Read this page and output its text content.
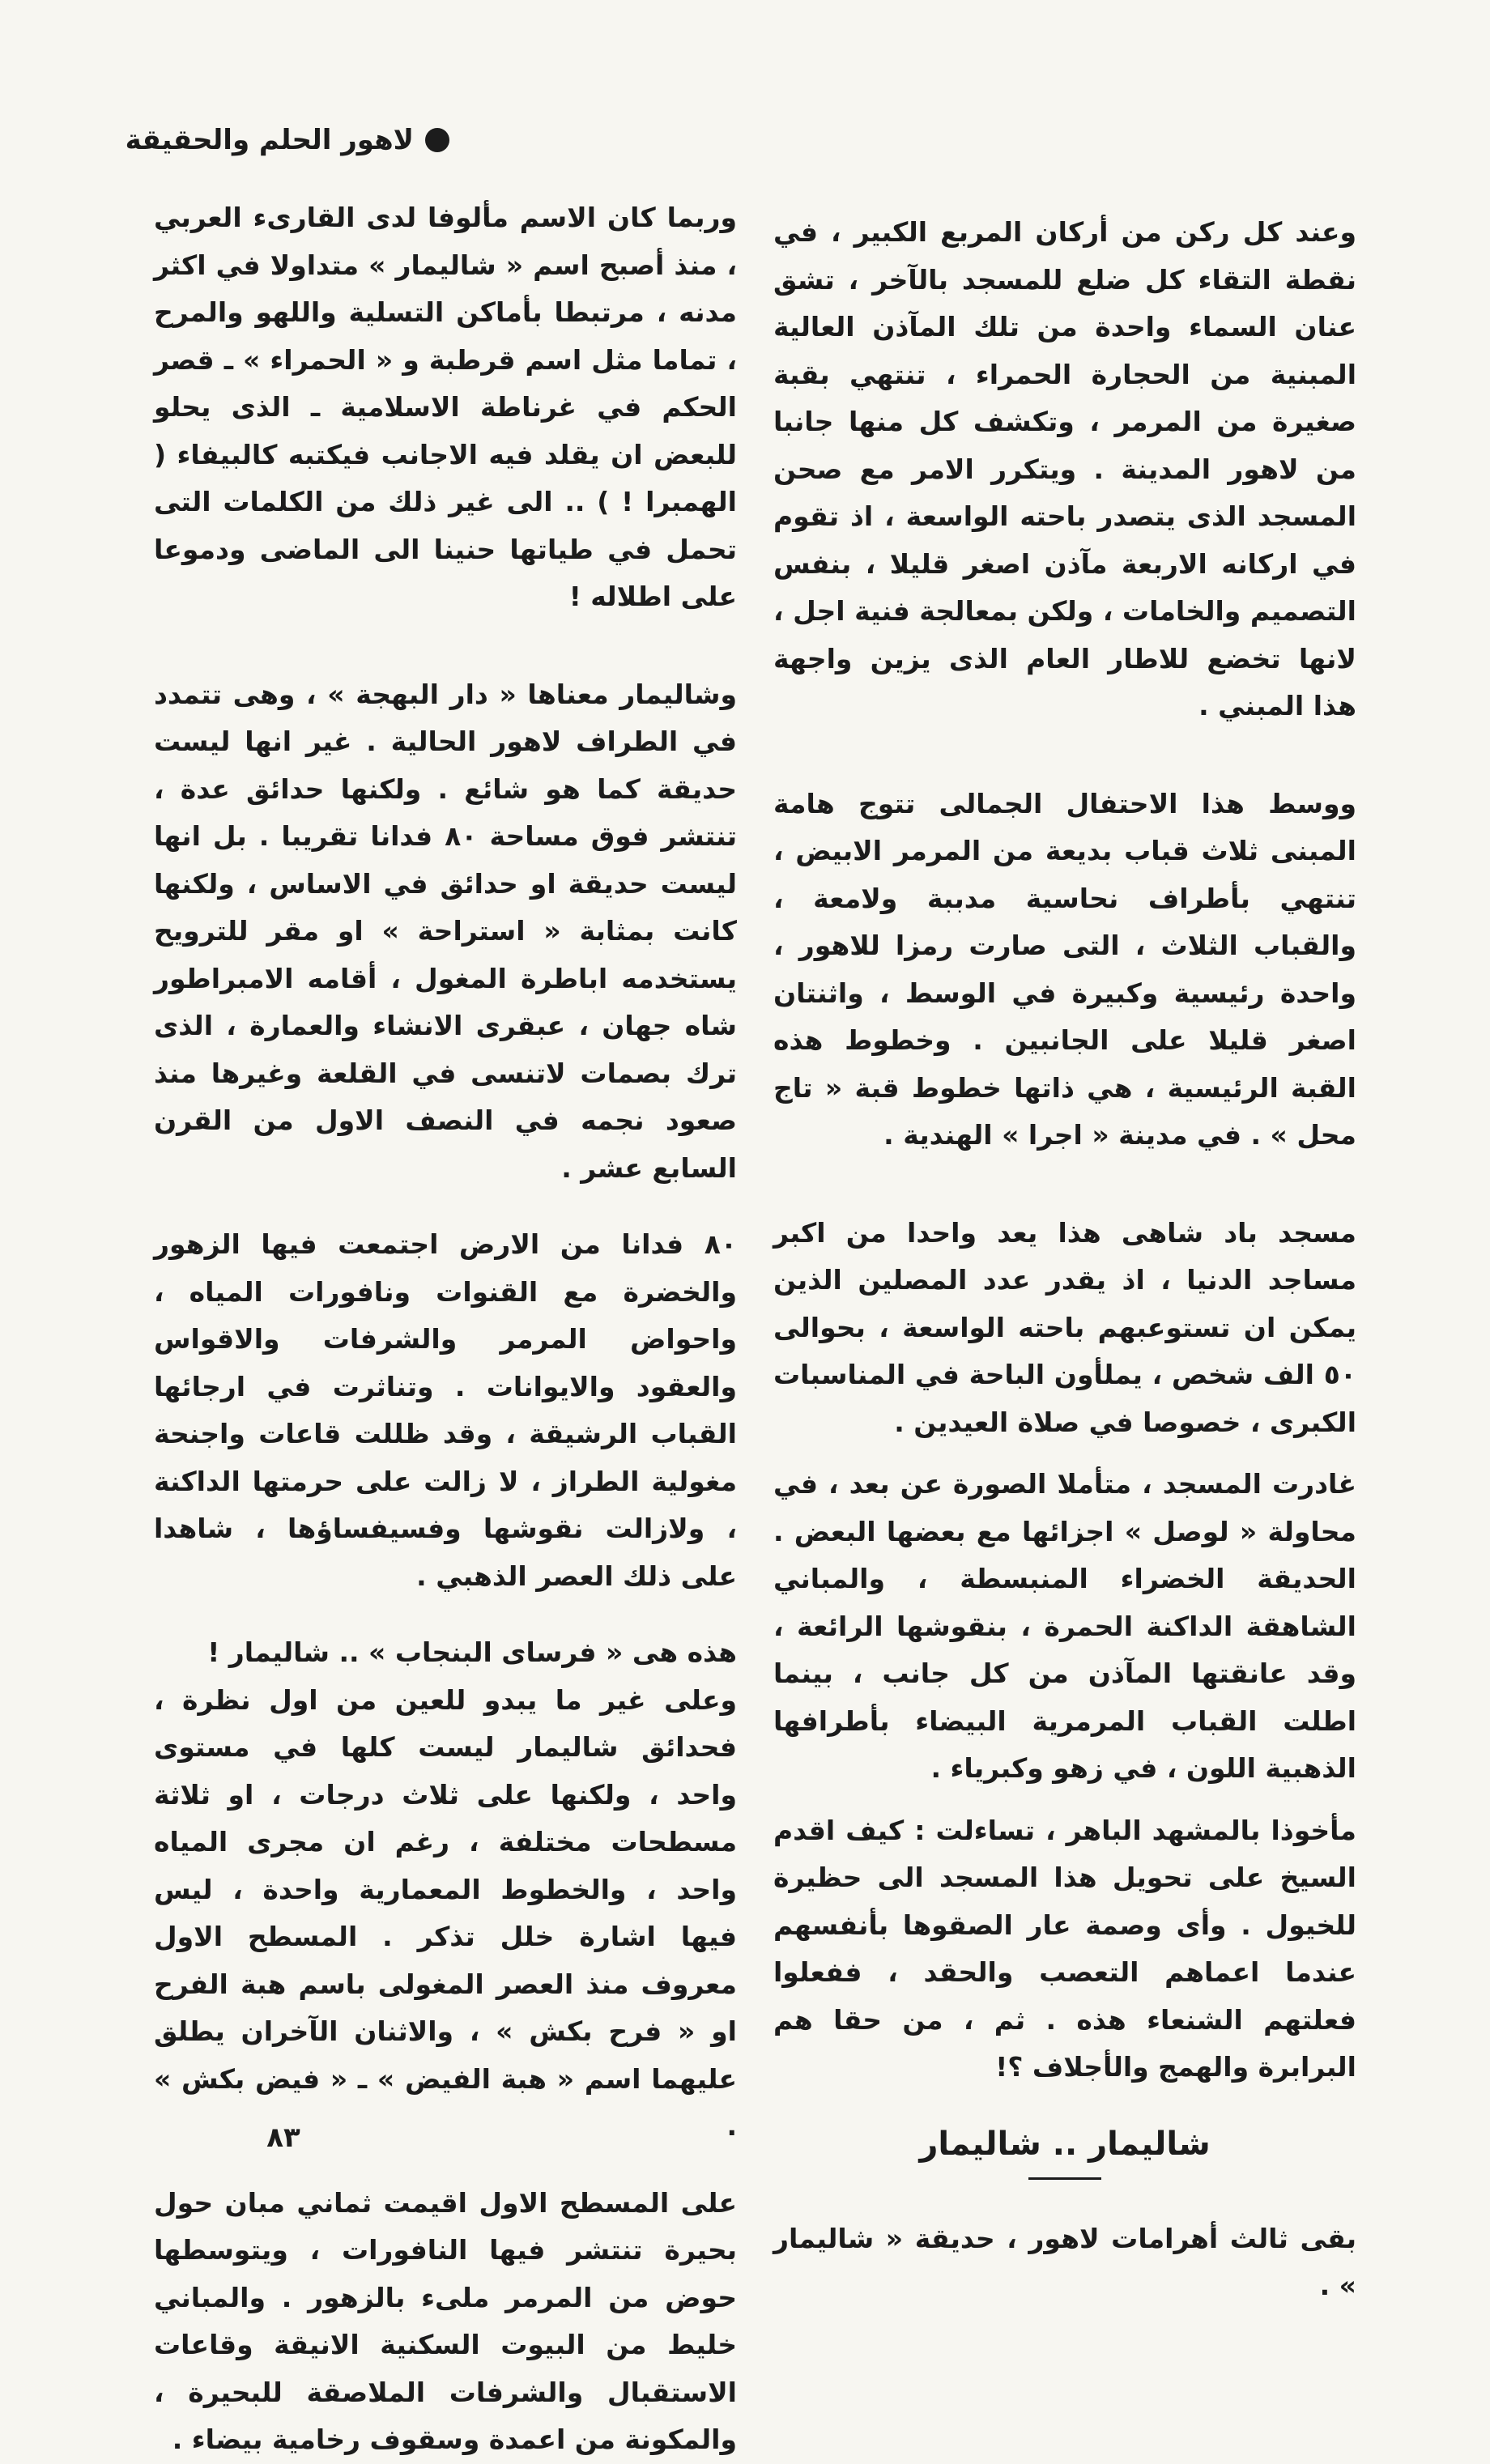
لاهور الحلم والحقيقة

وعند كل ركن من أركان المربع الكبير ، في نقطة التقاء كل ضلع للمسجد بالآخر ، تشق عنان السماء واحدة من تلك المآذن العالية المبنية من الحجارة الحمراء ، تنتهي بقبة صغيرة من المرمر ، وتكشف كل منها جانبا من لاهور المدينة . ويتكرر الامر مع صحن المسجد الذى يتصدر باحته الواسعة ، اذ تقوم في اركانه الاربعة مآذن اصغر قليلا ، بنفس التصميم والخامات ، ولكن بمعالجة فنية اجل ، لانها تخضع للاطار العام الذى يزين واجهة هذا المبني .

ووسط هذا الاحتفال الجمالى تتوج هامة المبنى ثلاث قباب بديعة من المرمر الابيض ، تنتهي بأطراف نحاسية مدببة ولامعة ، والقباب الثلاث ، التى صارت رمزا للاهور ، واحدة رئيسية وكبيرة في الوسط ، واثنتان اصغر قليلا على الجانبين . وخطوط هذه القبة الرئيسية ، هي ذاتها خطوط قبة « تاج محل » . في مدينة « اجرا » الهندية .

مسجد باد شاهى هذا يعد واحدا من اكبر مساجد الدنيا ، اذ يقدر عدد المصلين الذين يمكن ان تستوعبهم باحته الواسعة ، بحوالى ٥٠ الف شخص ، يملأون الباحة في المناسبات الكبرى ، خصوصا في صلاة العيدين .

غادرت المسجد ، متأملا الصورة عن بعد ، في محاولة « لوصل » اجزائها مع بعضها البعض . الحديقة الخضراء المنبسطة ، والمباني الشاهقة الداكنة الحمرة ، بنقوشها الرائعة ، وقد عانقتها المآذن من كل جانب ، بينما اطلت القباب المرمرية البيضاء بأطرافها الذهبية اللون ، في زهو وكبرياء .

مأخوذا بالمشهد الباهر ، تساءلت : كيف اقدم السيخ على تحويل هذا المسجد الى حظيرة للخيول . وأى وصمة عار الصقوها بأنفسهم عندما اعماهم التعصب والحقد ، ففعلوا فعلتهم الشنعاء هذه . ثم ، من حقا هم البرابرة والهمج والأجلاف ؟!

شاليمار .. شاليمار

بقى ثالث أهرامات لاهور ، حديقة « شاليمار » .

وربما كان الاسم مألوفا لدى القارىء العربي ، منذ أصبح اسم « شاليمار » متداولا في اكثر مدنه ، مرتبطا بأماكن التسلية واللهو والمرح ، تماما مثل اسم قرطبة و « الحمراء » ـ قصر الحكم في غرناطة الاسلامية ـ الذى يحلو للبعض ان يقلد فيه الاجانب فيكتبه كالبيفاء ( الهمبرا ! ) .. الى غير ذلك من الكلمات التى تحمل في طياتها حنينا الى الماضى ودموعا على اطلاله !

وشاليمار معناها « دار البهجة » ، وهى تتمدد في الطراف لاهور الحالية . غير انها ليست حديقة كما هو شائع . ولكنها حدائق عدة ، تنتشر فوق مساحة ٨٠ فدانا تقريبا . بل انها ليست حديقة او حدائق في الاساس ، ولكنها كانت بمثابة « استراحة » او مقر للترويح يستخدمه اباطرة المغول ، أقامه الامبراطور شاه جهان ، عبقرى الانشاء والعمارة ، الذى ترك بصمات لاتنسى في القلعة وغيرها منذ صعود نجمه في النصف الاول من القرن السابع عشر .

٨٠ فدانا من الارض اجتمعت فيها الزهور والخضرة مع القنوات ونافورات المياه ، واحواض المرمر والشرفات والاقواس والعقود والايوانات . وتناثرت في ارجائها القباب الرشيقة ، وقد ظللت قاعات واجنحة مغولية الطراز ، لا زالت على حرمتها الداكنة ، ولازالت نقوشها وفسيفساؤها ، شاهدا على ذلك العصر الذهبي .

هذه هى « فرساى البنجاب » .. شاليمار !

وعلى غير ما يبدو للعين من اول نظرة ، فحدائق شاليمار ليست كلها في مستوى واحد ، ولكنها على ثلاث درجات ، او ثلاثة مسطحات مختلفة ، رغم ان مجرى المياه واحد ، والخطوط المعمارية واحدة ، ليس فيها اشارة خلل تذكر . المسطح الاول معروف منذ العصر المغولى باسم هبة الفرح او « فرح بكش » ، والاثنان الآخران يطلق عليهما اسم « هبة الفيض » ـ « فيض بكش » .

على المسطح الاول اقيمت ثماني مبان حول بحيرة تنتشر فيها النافورات ، ويتوسطها حوض من المرمر ملىء بالزهور . والمباني خليط من البيوت السكنية الانيقة وقاعات الاستقبال والشرفات الملاصقة للبحيرة ، والمكونة من اعمدة وسقوف رخامية بيضاء .

٨٣
